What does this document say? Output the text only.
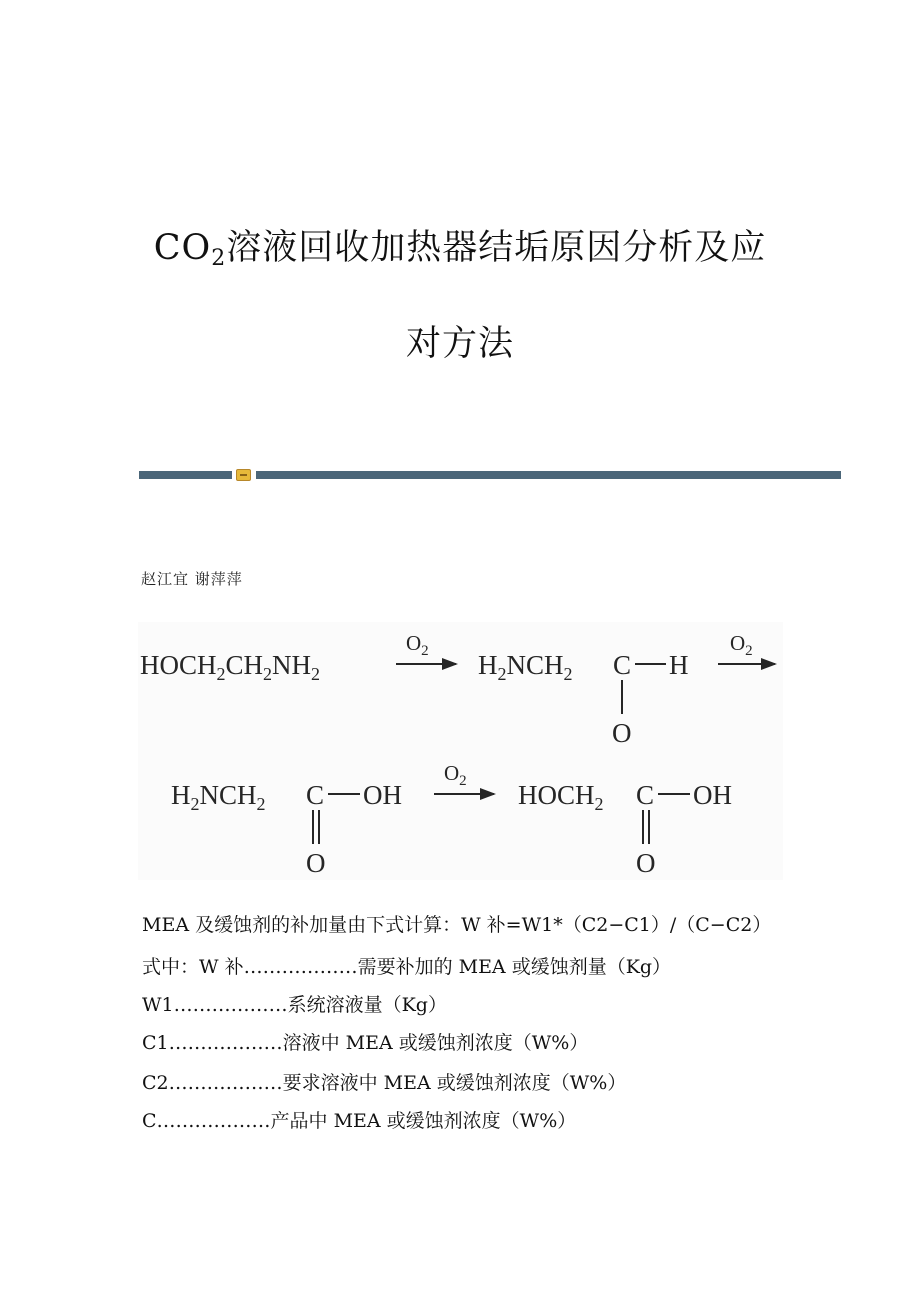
$CO_2$溶液回收加热器结垢原因分析及应
对方法
赵江宜 谢萍萍
$HOCH_2CH_2NH_2$
$O_2$ $H_2NCH_2$ C H
O
$O_2$
$H_2NCH_2$ C OH
O
$O_2$ $HOCH_2$ C OH
O
MEA 及缓蚀剂的补加量由下式计算：W 补=W1*（C2−C1）/（C−C2）
式中：W 补………………需要补加的 MEA 或缓蚀剂量（Kg）
W1………………系统溶液量（Kg）
C1………………溶液中 MEA 或缓蚀剂浓度（W%）
C2………………要求溶液中 MEA 或缓蚀剂浓度（W%）
C………………产品中 MEA 或缓蚀剂浓度（W%）
